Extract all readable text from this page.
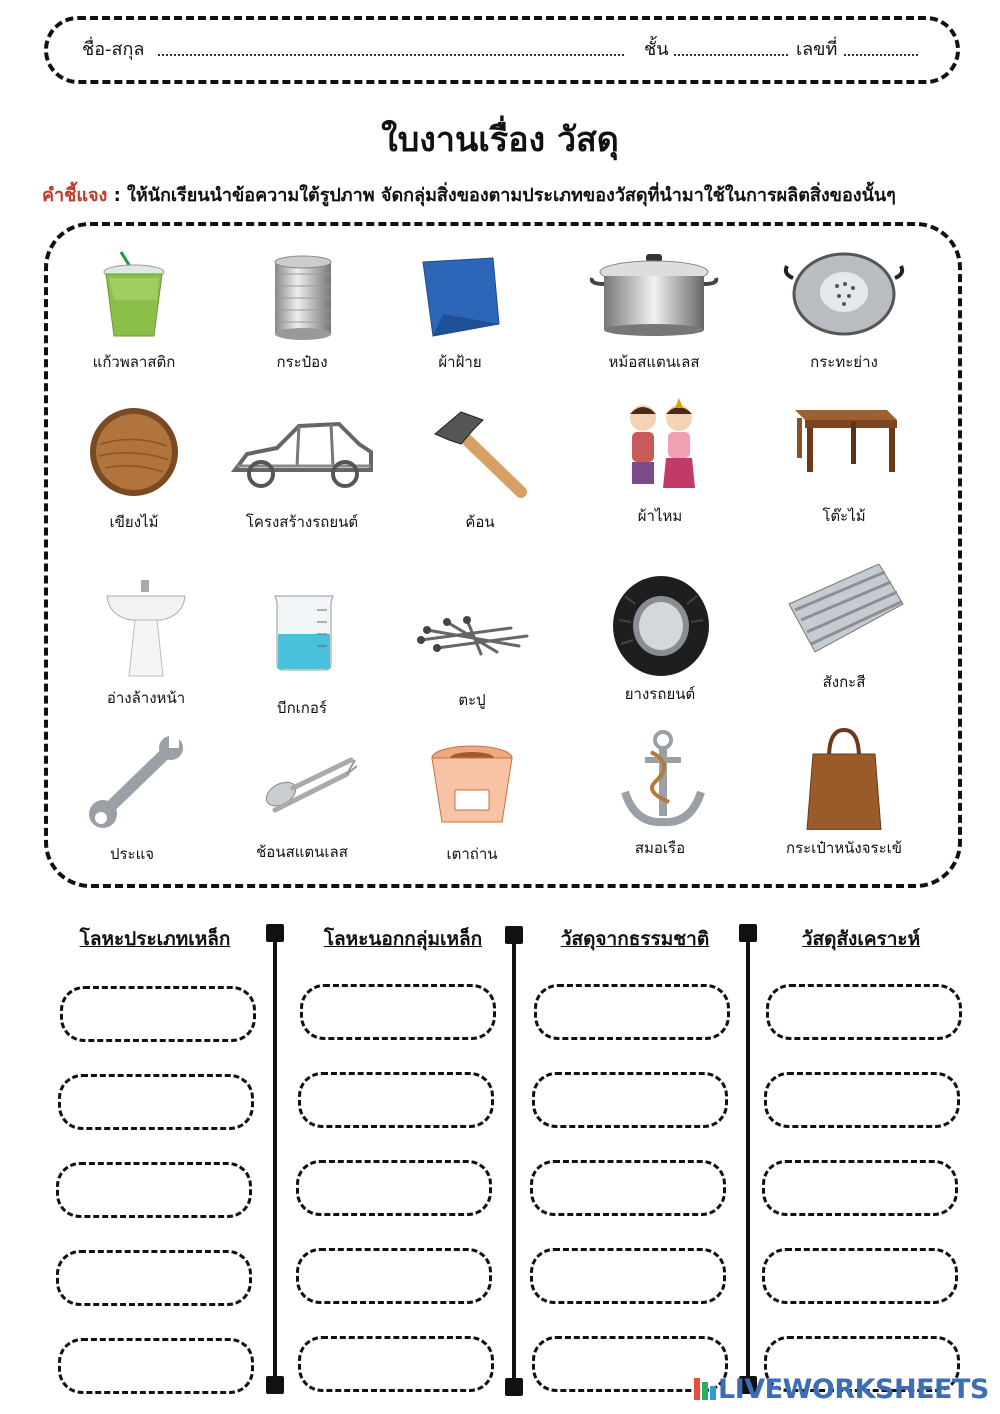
ชื่อ-สกุล	ชั้น	เลขที่
ใบงานเรื่อง วัสดุ
คำชี้แจง : ให้นักเรียนนำข้อความใต้รูปภาพ จัดกลุ่มสิ่งของตามประเภทของวัสดุที่นำมาใช้ในการผลิตสิ่งของนั้นๆ
แก้วพลาสติก	กระป๋อง	ผ้าฝ้าย	หม้อสแตนเลส	กระทะย่าง
เขียงไม้	โครงสร้างรถยนต์	ค้อน	ผ้าไหม	โต๊ะไม้
อ่างล้างหน้า
บีกเกอร์	ตะปู	ยางรถยนต์
สังกะสี
ประแจ	ช้อนสแตนเลส	เตาถ่าน	สมอเรือ	กระเป๋าหนังจระเข้
โลหะประเภทเหล็ก	โลหะนอกกลุ่มเหล็ก	วัสดุจากธรรมชาติ	วัสดุสังเคราะห์
LIVEWORKSHEETS
